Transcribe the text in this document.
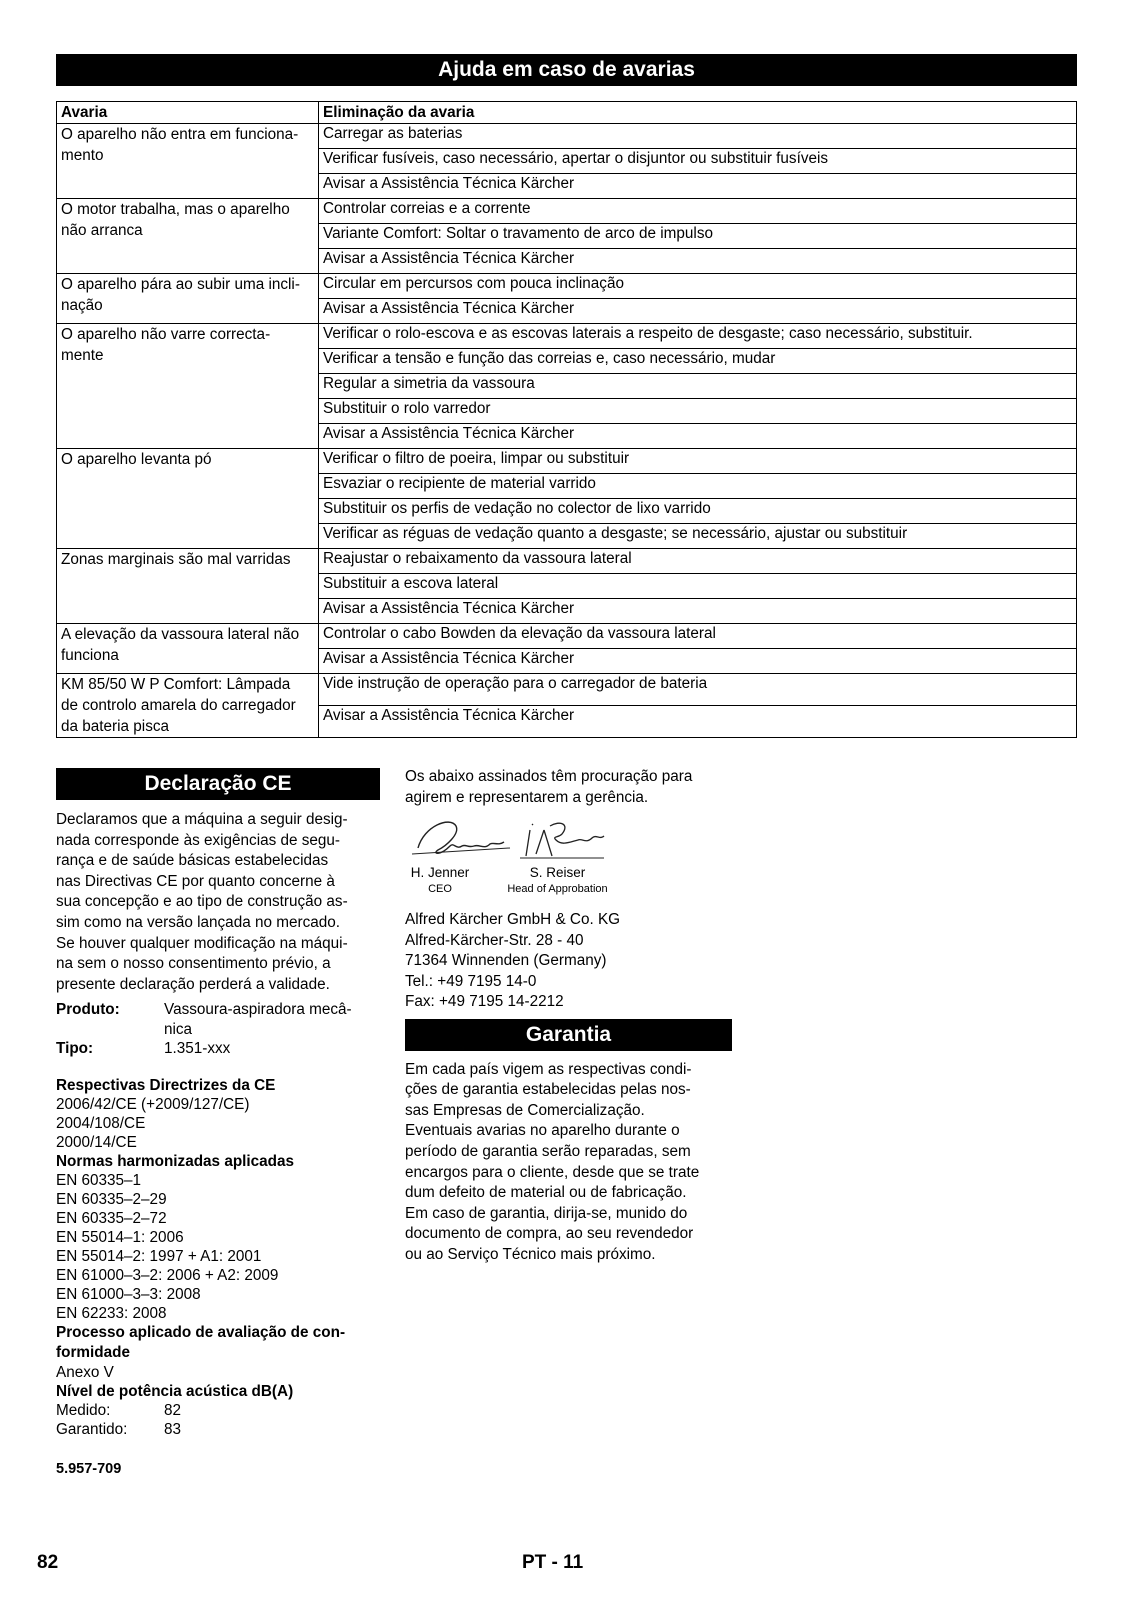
Ajuda em caso de avarias
Avaria	Eliminação da avaria
O aparelho não entra em funciona-
mento	Carregar as baterias
	Verificar fusíveis, caso necessário, apertar o disjuntor ou substituir fusíveis
	Avisar a Assistência Técnica Kärcher
O motor trabalha, mas o aparelho
não arranca	Controlar correias e a corrente
	Variante Comfort: Soltar o travamento de arco de impulso
	Avisar a Assistência Técnica Kärcher
O aparelho pára ao subir uma incli-
nação	Circular em percursos com pouca inclinação
	Avisar a Assistência Técnica Kärcher
O aparelho não varre correcta-
mente	Verificar o rolo-escova e as escovas laterais a respeito de desgaste; caso necessário, substituir.
	Verificar a tensão e função das correias e, caso necessário, mudar
	Regular a simetria da vassoura
	Substituir o rolo varredor
	Avisar a Assistência Técnica Kärcher
O aparelho levanta pó	Verificar o filtro de poeira, limpar ou substituir
	Esvaziar o recipiente de material varrido
	Substituir os perfis de vedação no colector de lixo varrido
	Verificar as réguas de vedação quanto a desgaste; se necessário, ajustar ou substituir
Zonas marginais são mal varridas	Reajustar o rebaixamento da vassoura lateral
	Substituir a escova lateral
	Avisar a Assistência Técnica Kärcher
A elevação da vassoura lateral não
funciona	Controlar o cabo Bowden da elevação da vassoura lateral
	Avisar a Assistência Técnica Kärcher
KM 85/50 W P Comfort: Lâmpada
de controlo amarela do carregador
da bateria pisca	Vide instrução de operação para o carregador de bateria
	Avisar a Assistência Técnica Kärcher
Declaração CE
Declaramos que a máquina a seguir desig-
nada corresponde às exigências de segu-
rança e de saúde básicas estabelecidas
nas Directivas CE por quanto concerne à
sua concepção e ao tipo de construção as-
sim como na versão lançada no mercado.
Se houver qualquer modificação na máqui-
na sem o nosso consentimento prévio, a
presente declaração perderá a validade.
Produto:	Vassoura-aspiradora mecâ-
nica
Tipo:	1.351-xxx
Respectivas Directrizes da CE
2006/42/CE (+2009/127/CE)
2004/108/CE
2000/14/CE
Normas harmonizadas aplicadas
EN 60335–1
EN 60335–2–29
EN 60335–2–72
EN 55014–1: 2006
EN 55014–2: 1997 + A1: 2001
EN 61000–3–2: 2006 + A2: 2009
EN 61000–3–3: 2008
EN 62233: 2008
Processo aplicado de avaliação de con-
formidade
Anexo V
Nível de potência acústica dB(A)
Medido:	82
Garantido:	83
5.957-709
Os abaixo assinados têm procuração para
agirem e representarem a gerência.
H. Jenner
CEO
S. Reiser
Head of Approbation
Alfred Kärcher GmbH & Co. KG
Alfred-Kärcher-Str. 28 - 40
71364 Winnenden (Germany)
Tel.: +49 7195 14-0
Fax: +49 7195 14-2212
Garantia
Em cada país vigem as respectivas condi-
ções de garantia estabelecidas pelas nos-
sas Empresas de Comercialização.
Eventuais avarias no aparelho durante o
período de garantia serão reparadas, sem
encargos para o cliente, desde que se trate
dum defeito de material ou de fabricação.
Em caso de garantia, dirija-se, munido do
documento de compra, ao seu revendedor
ou ao Serviço Técnico mais próximo.
82	PT - 11
